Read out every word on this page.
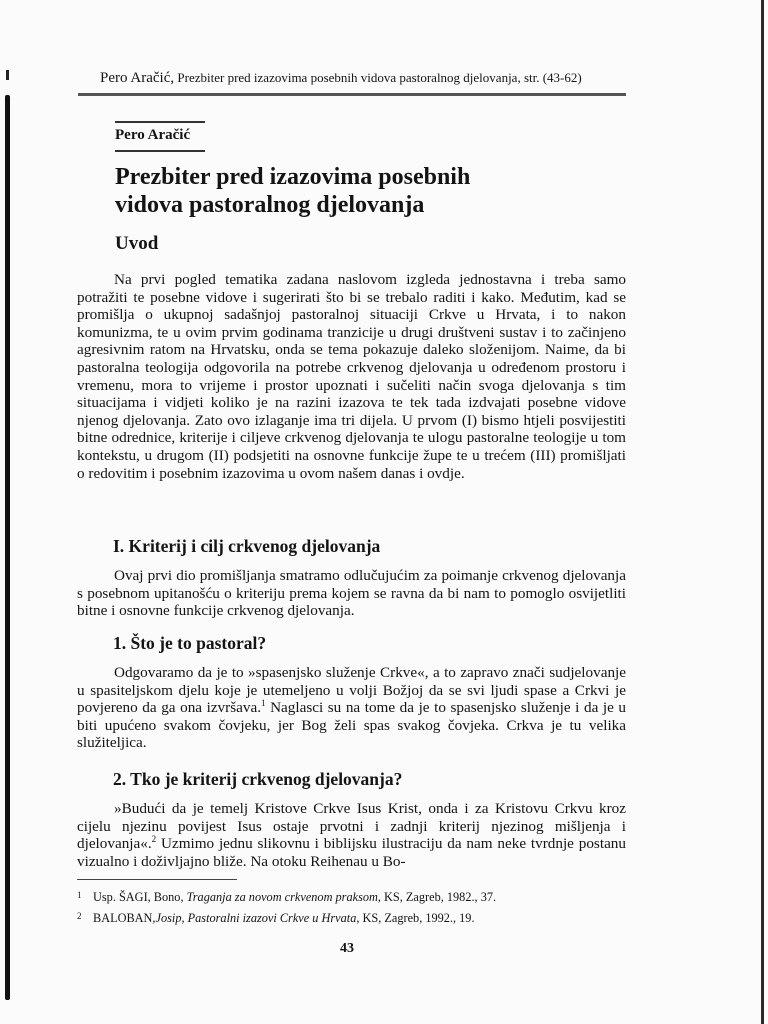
Pero Aračić, Prezbiter pred izazovima posebnih vidova pastoralnog djelovanja, str. (43-62)
Pero Aračić
Prezbiter pred izazovima posebnih
vidova pastoralnog djelovanja
Uvod

Na prvi pogled tematika zadana naslovom izgleda jednostavna i treba samo potražiti te posebne vidove i sugerirati što bi se trebalo raditi i kako. Međutim, kad se promišlja o ukupnoj sadašnjoj pastoralnoj situaciji Crkve u Hrvata, i to nakon komunizma, te u ovim prvim godinama tranzicije u drugi društveni sustav i to začinjeno agresivnim ratom na Hrvatsku, onda se tema pokazuje daleko složenijom. Naime, da bi pastoralna teologija odgovorila na potrebe crkvenog djelovanja u određenom prostoru i vremenu, mora to vrijeme i prostor upoznati i sučeliti način svoga djelovanja s tim situacijama i vidjeti koliko je na razini izazova te tek tada izdvajati posebne vidove njenog djelovanja. Zato ovo izlaganje ima tri dijela. U prvom (I) bismo htjeli posvijestiti bitne odrednice, kriterije i ciljeve crkvenog djelovanja te ulogu pastoralne teologije u tom kontekstu, u drugom (II) podsjetiti na osnovne funkcije župe te u trećem (III) promišljati o redovitim i posebnim izazovima u ovom našem danas i ovdje.

I. Kriterij i cilj crkvenog djelovanja

Ovaj prvi dio promišljanja smatramo odlučujućim za poimanje crkvenog djelovanja s posebnom upitanošću o kriteriju prema kojem se ravna da bi nam to pomoglo osvijetliti bitne i osnovne funkcije crkvenog djelovanja.

1. Što je to pastoral?

Odgovaramo da je to »spasenjsko služenje Crkve«, a to zapravo znači sudjelovanje u spasiteljskom djelu koje je utemeljeno u volji Božjoj da se svi ljudi spase a Crkvi je povjereno da ga ona izvršava.$^1$ Naglasci su na tome da je to spasenjsko služenje i da je u biti upućeno svakom čovjeku, jer Bog želi spas svakog čovjeka. Crkva je tu velika služiteljica.

2. Tko je kriterij crkvenog djelovanja?

»Budući da je temelj Kristove Crkve Isus Krist, onda i za Kristovu Crkvu kroz cijelu njezinu povijest Isus ostaje prvotni i zadnji kriterij njezinog mišljenja i djelovanja«.$^2$ Uzmimo jednu slikovnu i biblijsku ilustraciju da nam neke tvrdnje postanu vizualno i doživljajno bliže. Na otoku Reihenau u Bo-

1 Usp. ŠAGI, Bono, Traganja za novom crkvenom praksom, KS, Zagreb, 1982., 37.
2 BALOBAN,Josip, Pastoralni izazovi Crkve u Hrvata, KS, Zagreb, 1992., 19.
43
